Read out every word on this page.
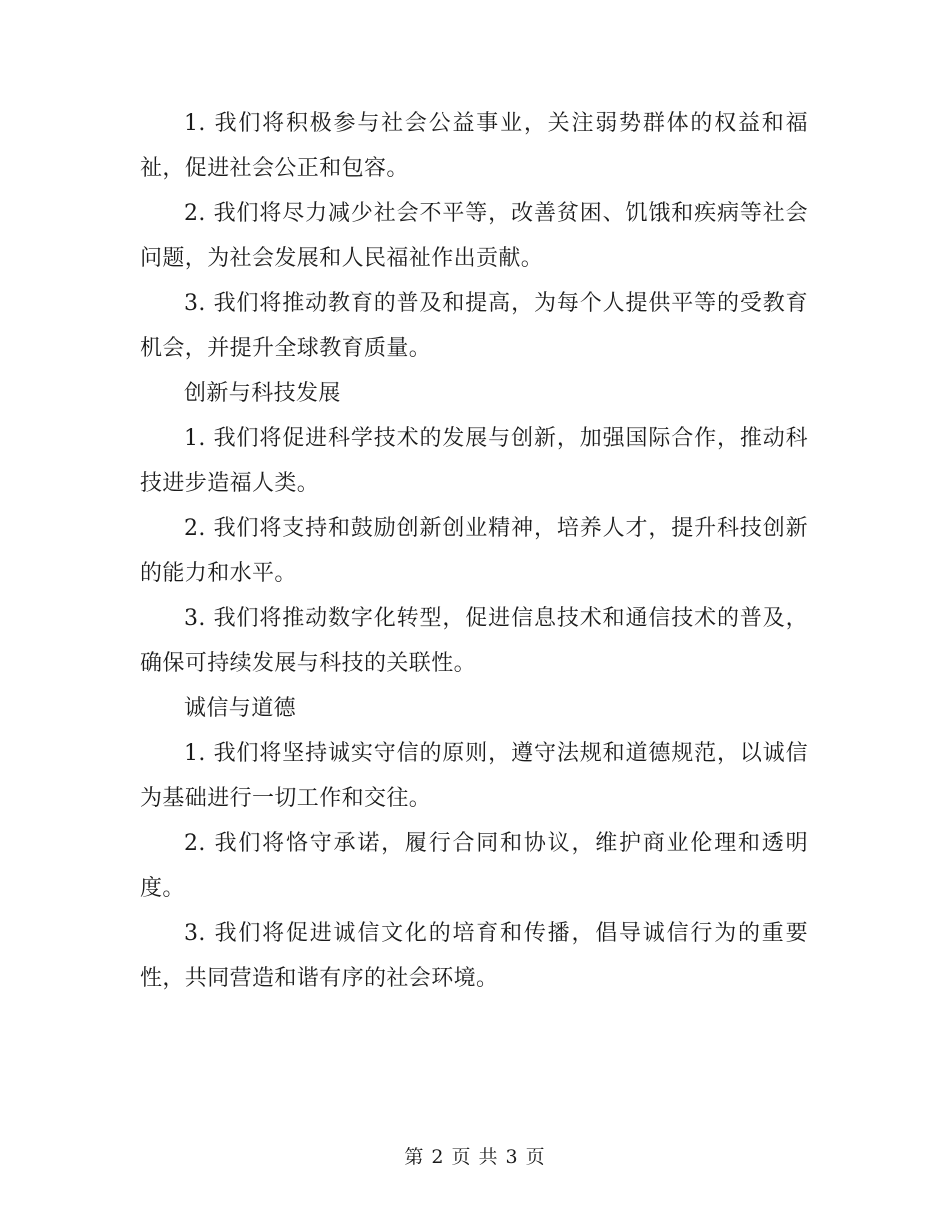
1. 我们将积极参与社会公益事业，关注弱势群体的权益和福祉，促进社会公正和包容。

2. 我们将尽力减少社会不平等，改善贫困、饥饿和疾病等社会问题，为社会发展和人民福祉作出贡献。

3. 我们将推动教育的普及和提高，为每个人提供平等的受教育机会，并提升全球教育质量。

创新与科技发展

1. 我们将促进科学技术的发展与创新，加强国际合作，推动科技进步造福人类。

2. 我们将支持和鼓励创新创业精神，培养人才，提升科技创新的能力和水平。

3. 我们将推动数字化转型，促进信息技术和通信技术的普及，确保可持续发展与科技的关联性。

诚信与道德

1. 我们将坚持诚实守信的原则，遵守法规和道德规范，以诚信为基础进行一切工作和交往。

2. 我们将恪守承诺，履行合同和协议，维护商业伦理和透明度。

3. 我们将促进诚信文化的培育和传播，倡导诚信行为的重要性，共同营造和谐有序的社会环境。

第 2 页 共 3 页
